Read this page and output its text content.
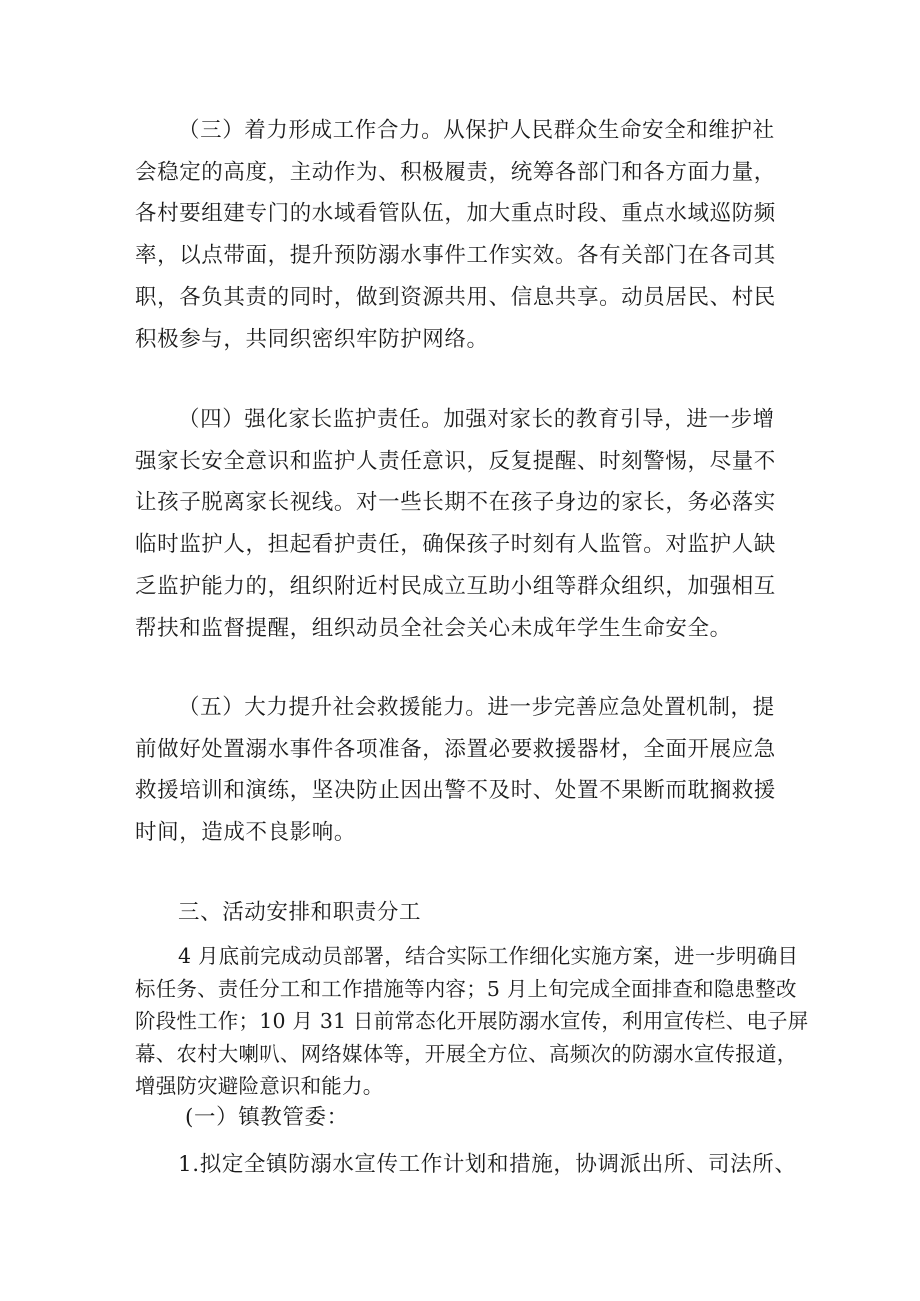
（三）着力形成工作合力。从保护人民群众生命安全和维护社会稳定的高度，主动作为、积极履责，统筹各部门和各方面力量，各村要组建专门的水域看管队伍，加大重点时段、重点水域巡防频率，以点带面，提升预防溺水事件工作实效。各有关部门在各司其职，各负其责的同时，做到资源共用、信息共享。动员居民、村民积极参与，共同织密织牢防护网络。

（四）强化家长监护责任。加强对家长的教育引导，进一步增强家长安全意识和监护人责任意识，反复提醒、时刻警惕，尽量不让孩子脱离家长视线。对一些长期不在孩子身边的家长，务必落实临时监护人，担起看护责任，确保孩子时刻有人监管。对监护人缺乏监护能力的，组织附近村民成立互助小组等群众组织，加强相互帮扶和监督提醒，组织动员全社会关心未成年学生生命安全。

（五）大力提升社会救援能力。进一步完善应急处置机制，提前做好处置溺水事件各项准备，添置必要救援器材，全面开展应急救援培训和演练，坚决防止因出警不及时、处置不果断而耽搁救援时间，造成不良影响。

三、活动安排和职责分工

4 月底前完成动员部署，结合实际工作细化实施方案，进一步明确目标任务、责任分工和工作措施等内容；5 月上旬完成全面排查和隐患整改阶段性工作；10 月 31 日前常态化开展防溺水宣传，利用宣传栏、电子屏幕、农村大喇叭、网络媒体等，开展全方位、高频次的防溺水宣传报道，增强防灾避险意识和能力。

(一）镇教管委：

1.拟定全镇防溺水宣传工作计划和措施，协调派出所、司法所、
